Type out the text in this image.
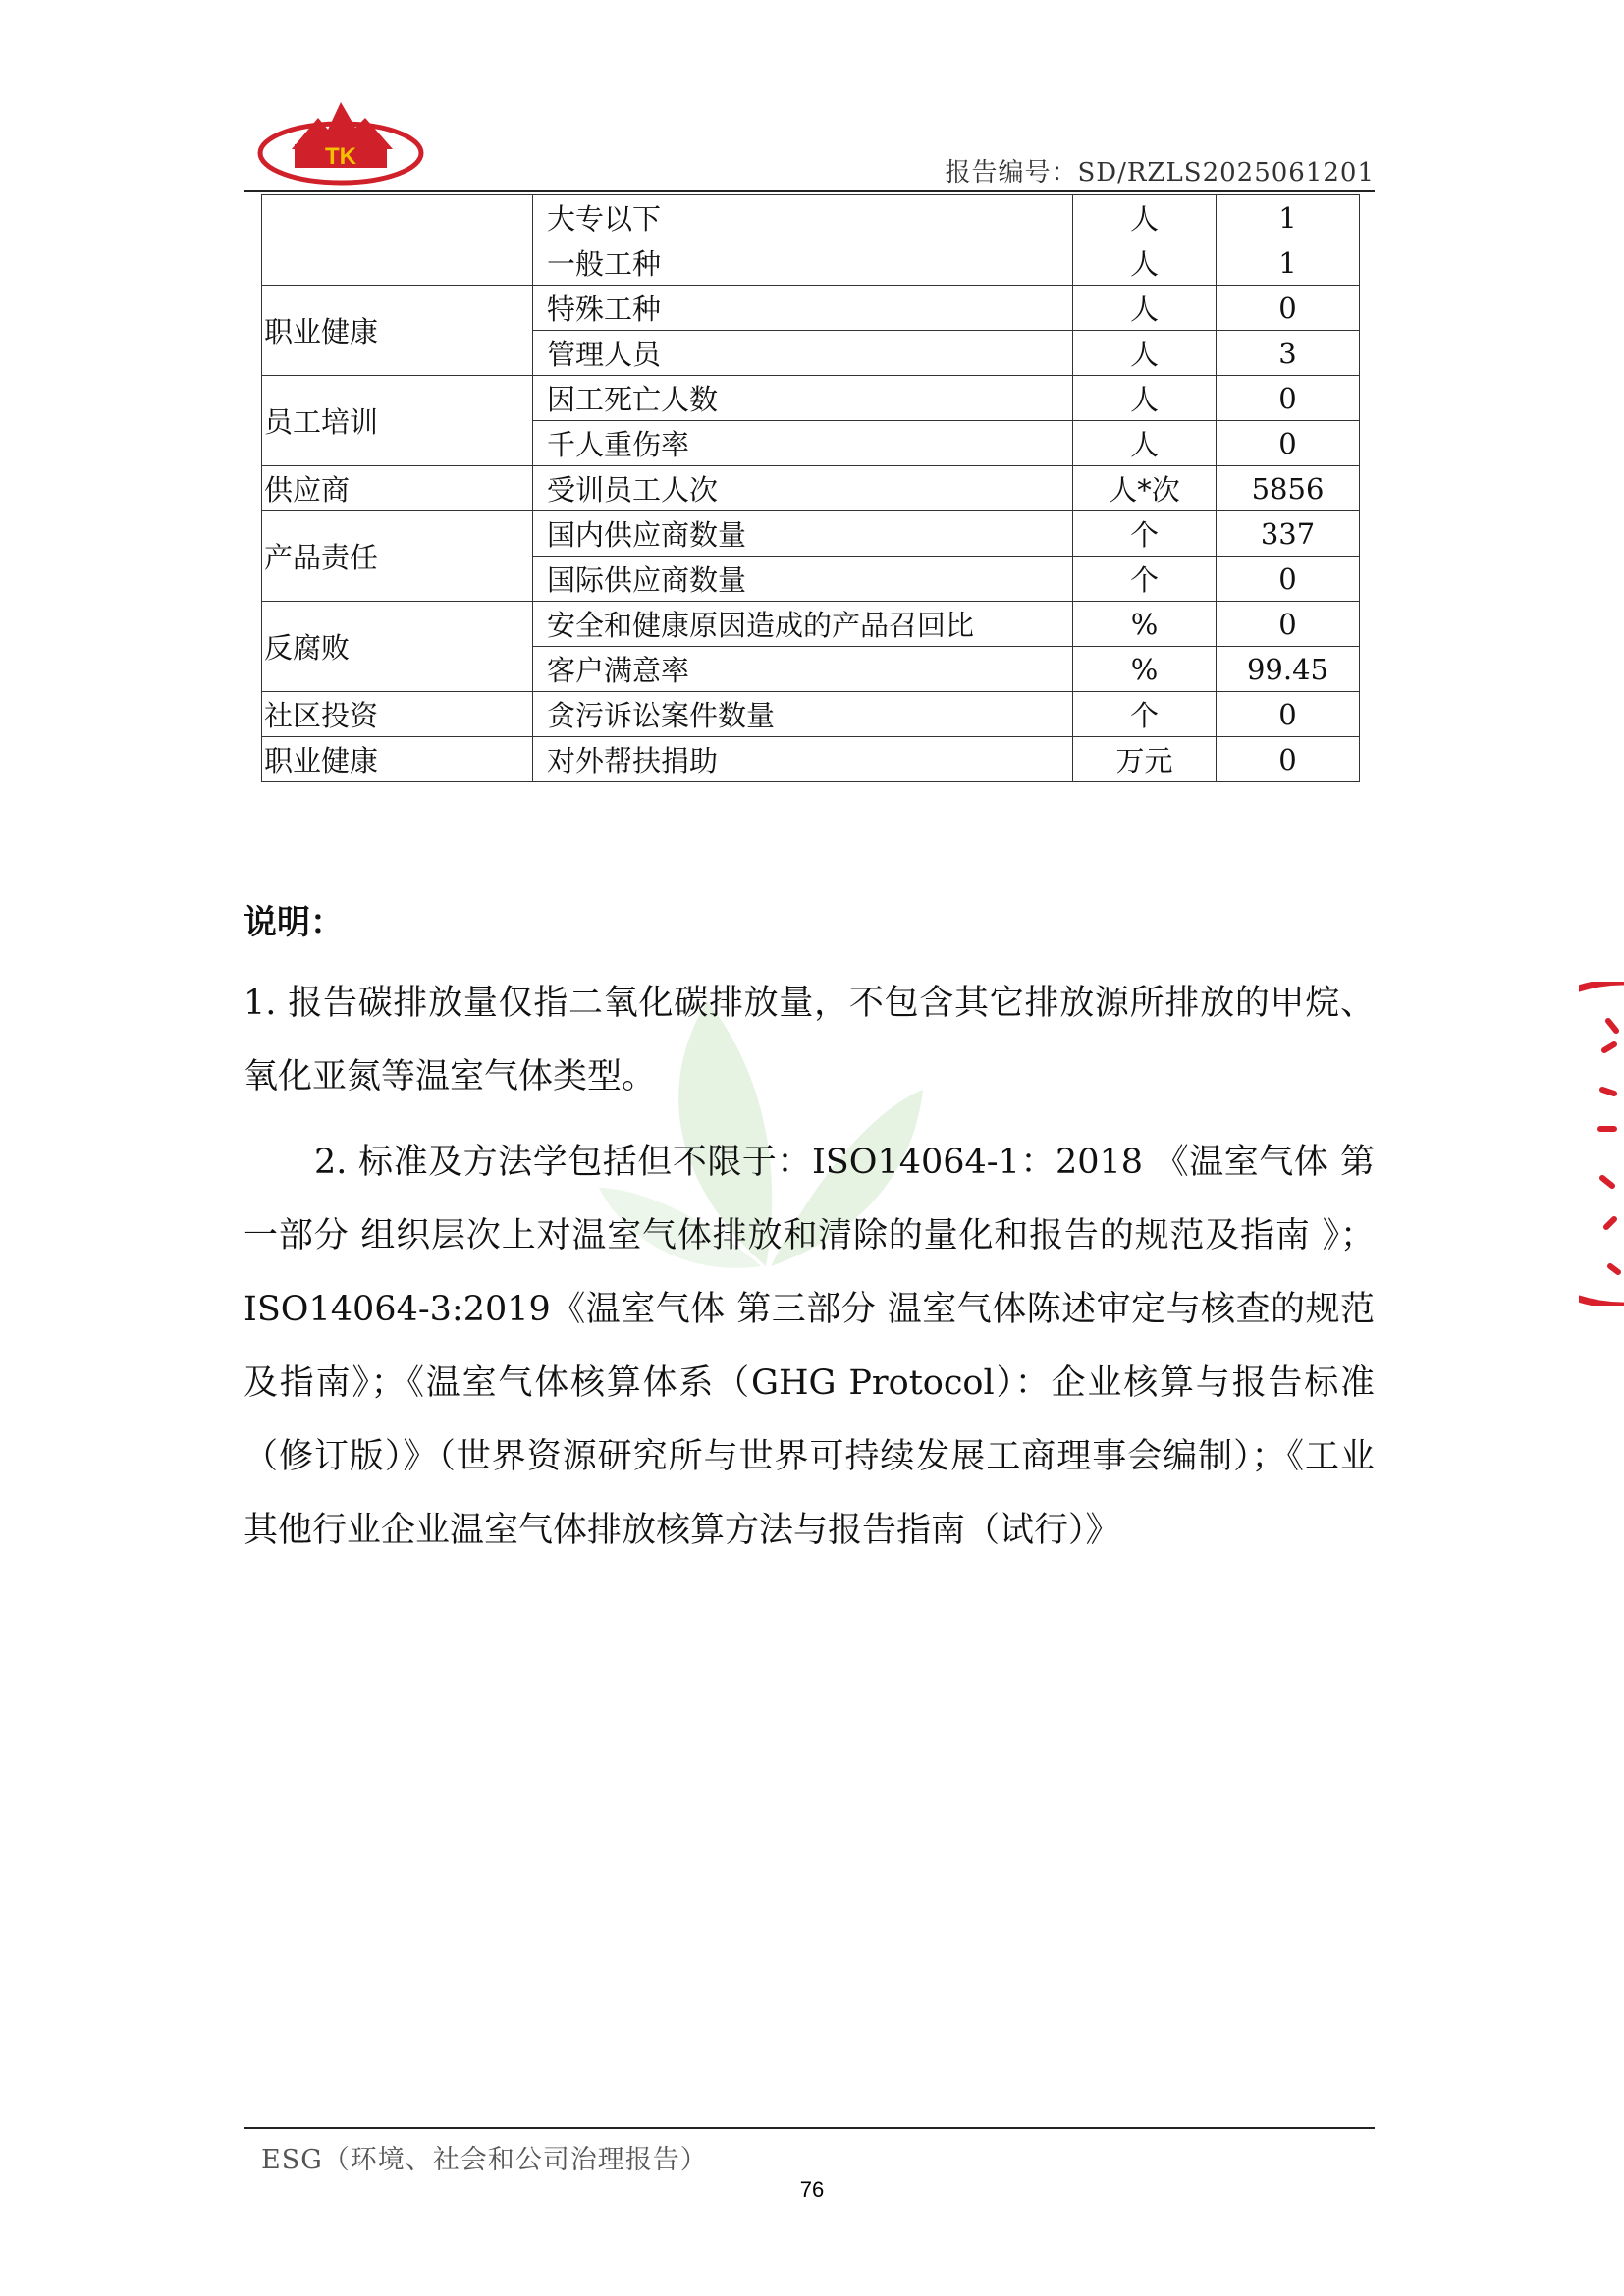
TK
报告编号：SD/RZLS2025061201
	大专以下	人	1
	一般工种	人	1
职业健康	特殊工种	人	0
	管理人员	人	3
员工培训	因工死亡人数	人	0
	千人重伤率	人	0
供应商	受训员工人次	人*次	5856
产品责任	国内供应商数量	个	337
	国际供应商数量	个	0
反腐败	安全和健康原因造成的产品召回比	%	0
	客户满意率	%	99.45
社区投资	贪污诉讼案件数量	个	0
职业健康	对外帮扶捐助	万元	0
说明：
1. 报告碳排放量仅指二氧化碳排放量，不包含其它排放源所排放的甲烷、氧化亚氮等温室气体类型。
2. 标准及方法学包括但不限于：ISO14064-1：2018 《温室气体 第一部分 组织层次上对温室气体排放和清除的量化和报告的规范及指南 》；ISO14064-3:2019《温室气体 第三部分 温室气体陈述审定与核查的规范及指南》；《温室气体核算体系（GHG Protocol）：企业核算与报告标准（修订版）》（世界资源研究所与世界可持续发展工商理事会编制）；《工业其他行业企业温室气体排放核算方法与报告指南（试行）》
ESG（环境、社会和公司治理报告）
76
